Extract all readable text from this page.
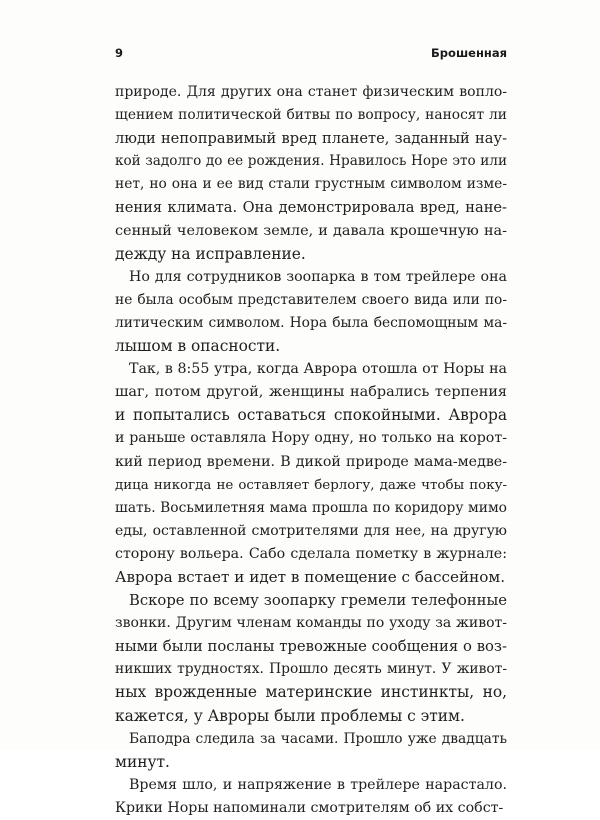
9	Брошенная
природе. Для других она станет физическим вопло-
щением политической битвы по вопросу, наносят ли
люди непоправимый вред планете, заданный нау-
кой задолго до ее рождения. Нравилось Норе это или
нет, но она и ее вид стали грустным символом изме-
нения климата. Она демонстрировала вред, нане-
сенный человеком земле, и давала крошечную на-
дежду на исправление.
Но для сотрудников зоопарка в том трейлере она
не была особым представителем своего вида или по-
литическим символом. Нора была беспомощным ма-
лышом в опасности.
Так, в 8:55 утра, когда Аврора отошла от Норы на
шаг, потом другой, женщины набрались терпения
и попытались оставаться спокойными. Аврора
и раньше оставляла Нору одну, но только на корот-
кий период времени. В дикой природе мама-медве-
дица никогда не оставляет берлогу, даже чтобы поку-
шать. Восьмилетняя мама прошла по коридору мимо
еды, оставленной смотрителями для нее, на другую
сторону вольера. Сабо сделала пометку в журнале:
Аврора встает и идет в помещение с бассейном.
Вскоре по всему зоопарку гремели телефонные
звонки. Другим членам команды по уходу за живот-
ными были посланы тревожные сообщения о воз-
никших трудностях. Прошло десять минут. У живот-
ных врожденные материнские инстинкты, но,
кажется, у Авроры были проблемы с этим.
Баподра следила за часами. Прошло уже двадцать
минут.
Время шло, и напряжение в трейлере нарастало.
Крики Норы напоминали смотрителям об их собст-
